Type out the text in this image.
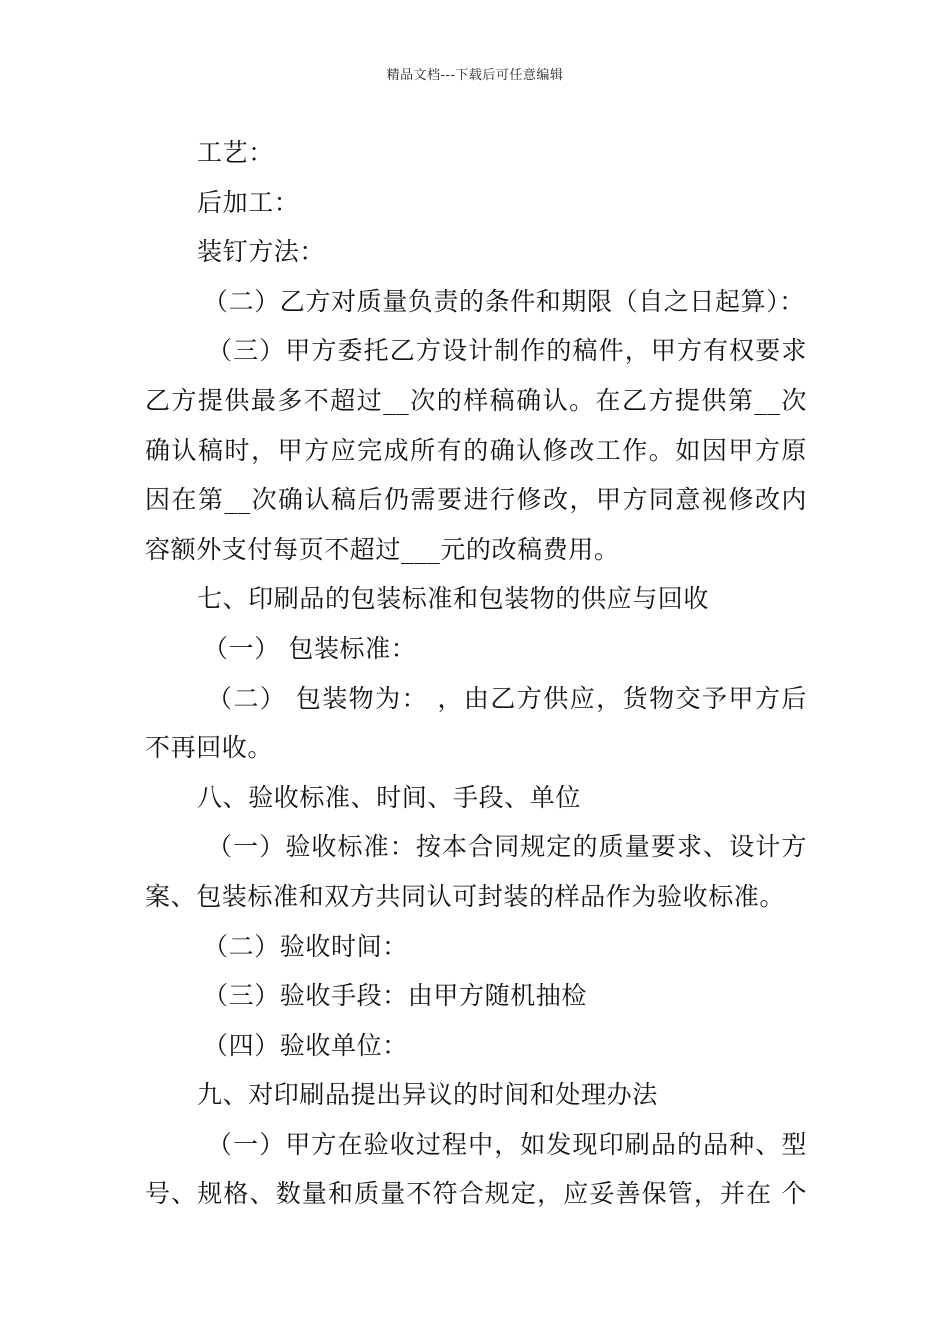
精品文档---下载后可任意编辑
工艺：
后加工：
装钉方法：
（二）乙方对质量负责的条件和期限（自之日起算）：
（三）甲方委托乙方设计制作的稿件，甲方有权要求
乙方提供最多不超过__次的样稿确认。在乙方提供第__次
确认稿时，甲方应完成所有的确认修改工作。如因甲方原
因在第__次确认稿后仍需要进行修改，甲方同意视修改内
容额外支付每页不超过___元的改稿费用。
七、印刷品的包装标准和包装物的供应与回收
（一） 包装标准：
（二） 包装物为： ，由乙方供应，货物交予甲方后
不再回收。
八、验收标准、时间、手段、单位
（一）验收标准：按本合同规定的质量要求、设计方
案、包装标准和双方共同认可封装的样品作为验收标准。
（二）验收时间：
（三）验收手段：由甲方随机抽检
（四）验收单位：
九、对印刷品提出异议的时间和处理办法
（一）甲方在验收过程中，如发现印刷品的品种、型
号、规格、数量和质量不符合规定，应妥善保管，并在 个
